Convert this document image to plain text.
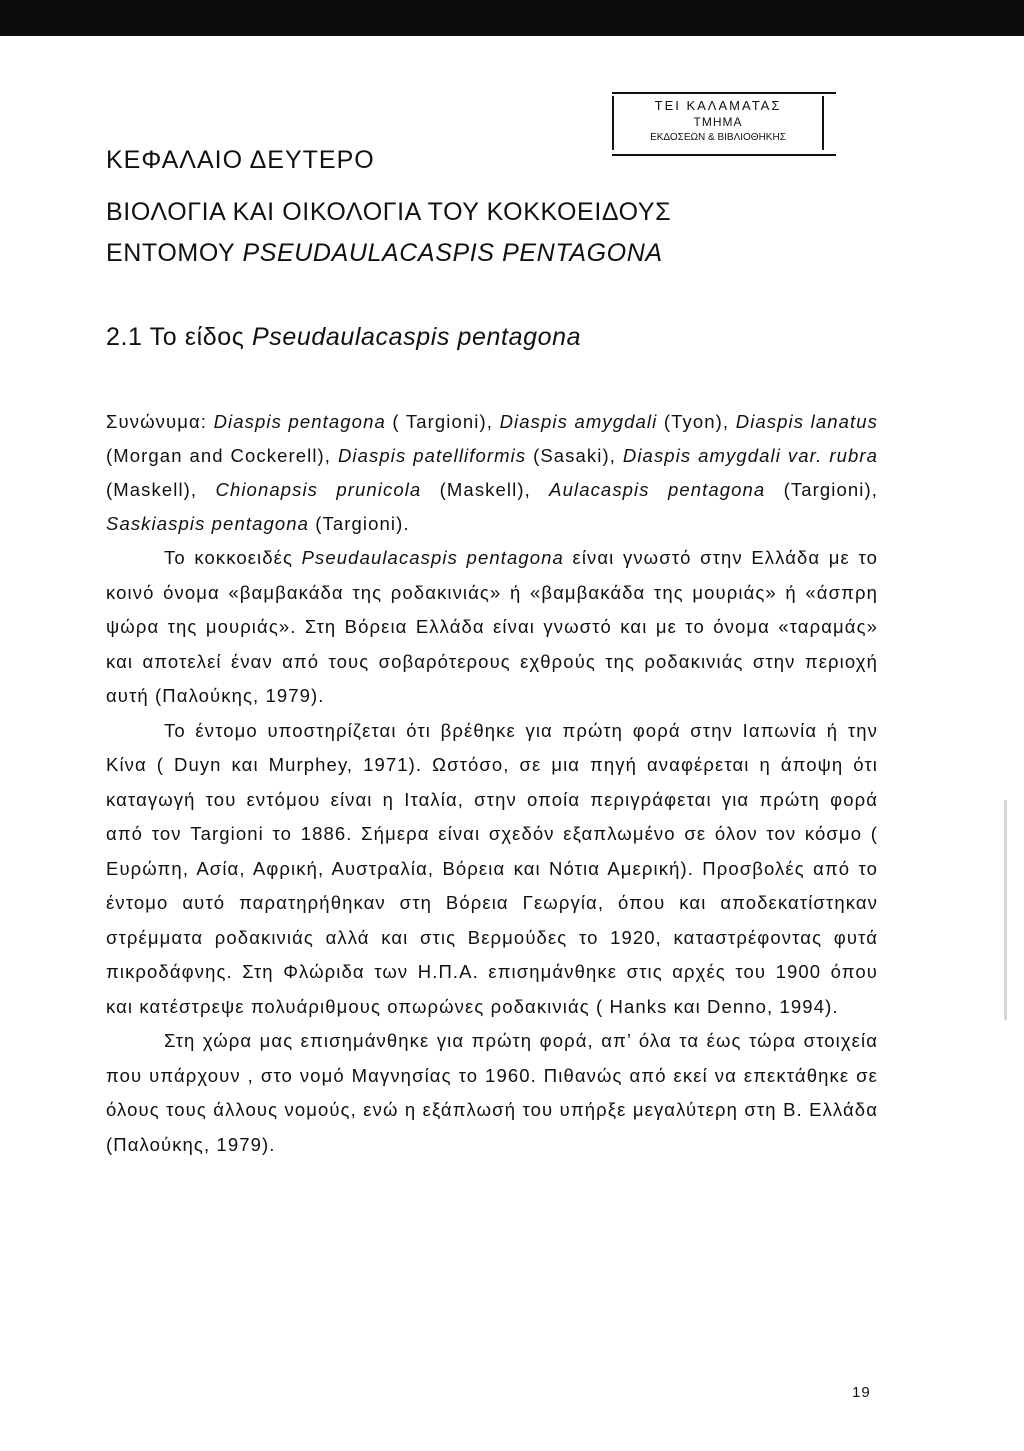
ΤΕΙ ΚΑΛΑΜΑΤΑΣ
ΤΜΗΜΑ
ΕΚΔΟΣΕΩΝ & ΒΙΒΛΙΟΘΗΚΗΣ
ΚΕΦΑΛΑΙΟ ΔΕΥΤΕΡΟ
ΒΙΟΛΟΓΙΑ ΚΑΙ ΟΙΚΟΛΟΓΙΑ ΤΟΥ ΚΟΚΚΟΕΙΔΟΥΣ
ΕΝΤΟΜΟΥ PSEUDAULACASPIS PENTAGONA
2.1 Το είδος Pseudaulacaspis pentagona

Συνώνυμα: Diaspis pentagona ( Targioni), Diaspis amygdali (Tyon), Diaspis lanatus (Morgan and Cockerell), Diaspis patelliformis (Sasaki), Diaspis amygdali var. rubra (Maskell), Chionapsis prunicola (Maskell), Aulacaspis pentagona (Targioni), Saskiaspis pentagona (Targioni).

Το κοκκοειδές Pseudaulacaspis pentagona είναι γνωστό στην Ελλάδα με το κοινό όνομα «βαμβακάδα της ροδακινιάς» ή «βαμβακάδα της μουριάς» ή «άσπρη ψώρα της μουριάς». Στη Βόρεια Ελλάδα είναι γνωστό και με το όνομα «ταραμάς» και αποτελεί έναν από τους σοβαρότερους εχθρούς της ροδακινιάς στην περιοχή αυτή (Παλούκης, 1979).

Το έντομο υποστηρίζεται ότι βρέθηκε για πρώτη φορά στην Ιαπωνία ή την Κίνα ( Duyn και Murphey, 1971). Ωστόσο, σε μια πηγή αναφέρεται η άποψη ότι καταγωγή του εντόμου είναι η Ιταλία, στην οποία περιγράφεται για πρώτη φορά από τον Targioni το 1886. Σήμερα είναι σχεδόν εξαπλωμένο σε όλον τον κόσμο ( Ευρώπη, Ασία, Αφρική, Αυστραλία, Βόρεια και Νότια Αμερική). Προσβολές από το έντομο αυτό παρατηρήθηκαν στη Βόρεια Γεωργία, όπου και αποδεκατίστηκαν στρέμματα ροδακινιάς αλλά και στις Βερμούδες το 1920, καταστρέφοντας φυτά πικροδάφνης. Στη Φλώριδα των Η.Π.Α. επισημάνθηκε στις αρχές του 1900 όπου και κατέστρεψε πολυάριθμους οπωρώνες ροδακινιάς ( Hanks και Denno, 1994).

Στη χώρα μας επισημάνθηκε για πρώτη φορά, απ’ όλα τα έως τώρα στοιχεία που υπάρχουν , στο νομό Μαγνησίας το 1960. Πιθανώς από εκεί να επεκτάθηκε σε όλους τους άλλους νομούς, ενώ η εξάπλωσή του υπήρξε μεγαλύτερη στη Β. Ελλάδα (Παλούκης, 1979).

19
